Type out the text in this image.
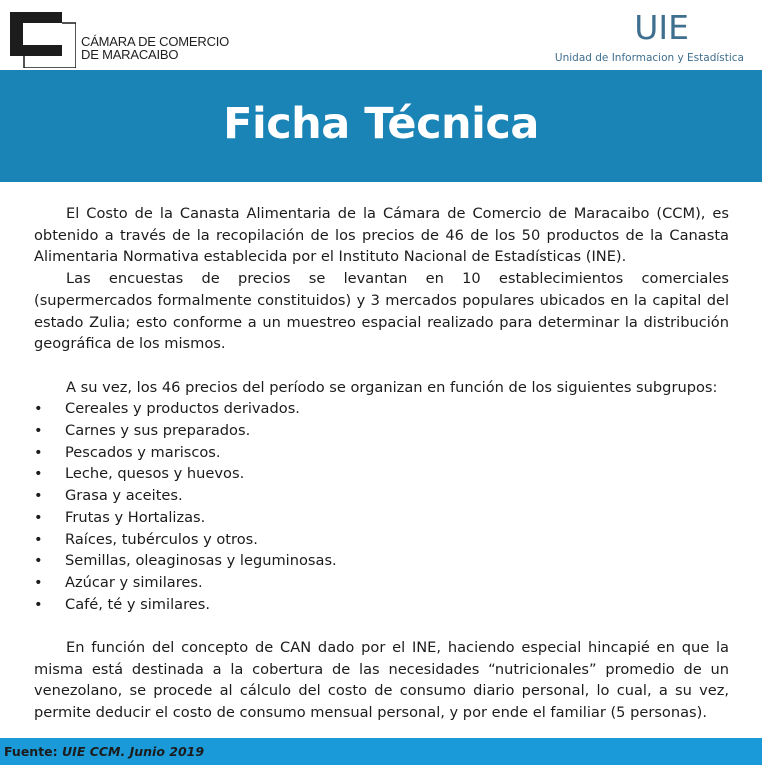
CÁMARA DE COMERCIO
DE MARACAIBO
UIE
Unidad de Informacion y Estadística
Ficha Técnica

El Costo de la Canasta Alimentaria de la Cámara de Comercio de Maracaibo (CCM), es obtenido a través de la recopilación de los precios de 46 de los 50 productos de la Canasta Alimentaria Normativa establecida por el Instituto Nacional de Estadísticas (INE).

Las encuestas de precios se levantan en 10 establecimientos comerciales (supermercados formalmente constituidos) y 3 mercados populares ubicados en la capital del estado Zulia; esto conforme a un muestreo espacial realizado para determinar la distribución geográfica de los mismos.

A su vez, los 46 precios del período se organizan en función de los siguientes subgrupos:

• Cereales y productos derivados.
• Carnes y sus preparados.
• Pescados y mariscos.
• Leche, quesos y huevos.
• Grasa y aceites.
• Frutas y Hortalizas.
• Raíces, tubérculos y otros.
• Semillas, oleaginosas y leguminosas.
• Azúcar y similares.
• Café, té y similares.

En función del concepto de CAN dado por el INE, haciendo especial hincapié en que la misma está destinada a la cobertura de las necesidades “nutricionales” promedio de un venezolano, se procede al cálculo del costo de consumo diario personal, lo cual, a su vez, permite deducir el costo de consumo mensual personal, y por ende el familiar (5 personas).

Fuente: UIE CCM. Junio 2019
